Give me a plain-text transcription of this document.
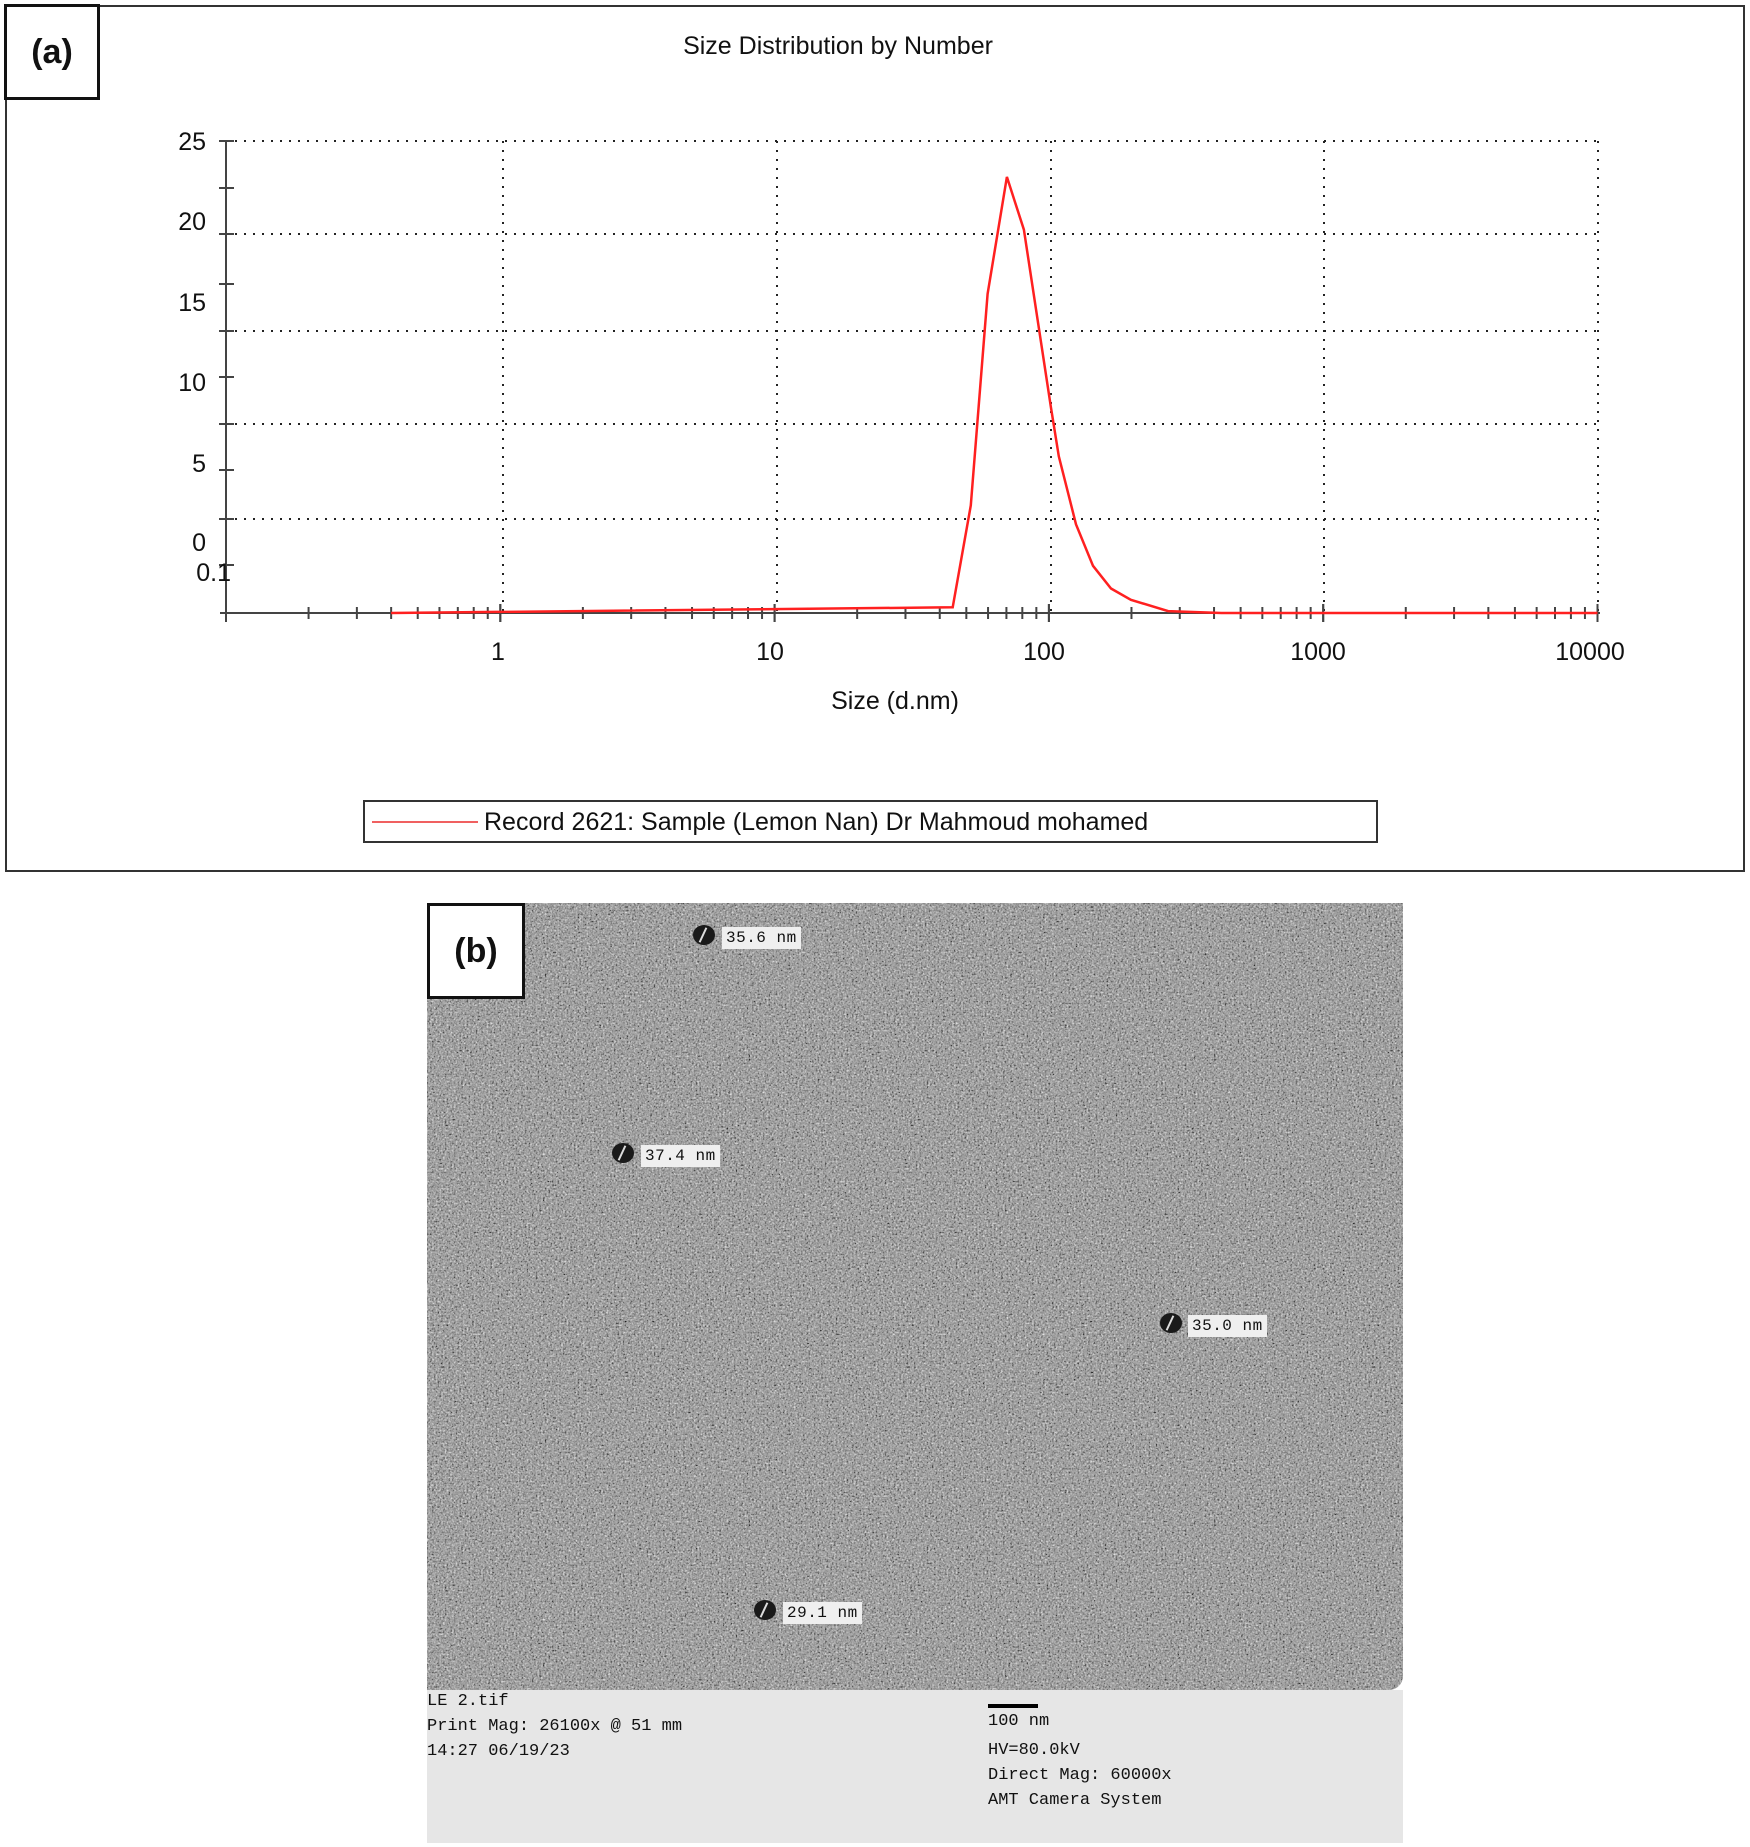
25
20
15
10
5
0
0.1
1	10	100	1000	10000
Size (d.nm)
Size Distribution by Number
Record 2621: Sample (Lemon Nan) Dr Mahmoud mohamed
(a)
35.6 nm
37.4 nm
35.0 nm
29.1 nm
(b)
LE 2.tif
Print Mag: 26100x @ 51 mm
14:27 06/19/23
100 nm
HV=80.0kV
Direct Mag: 60000x
AMT Camera System
